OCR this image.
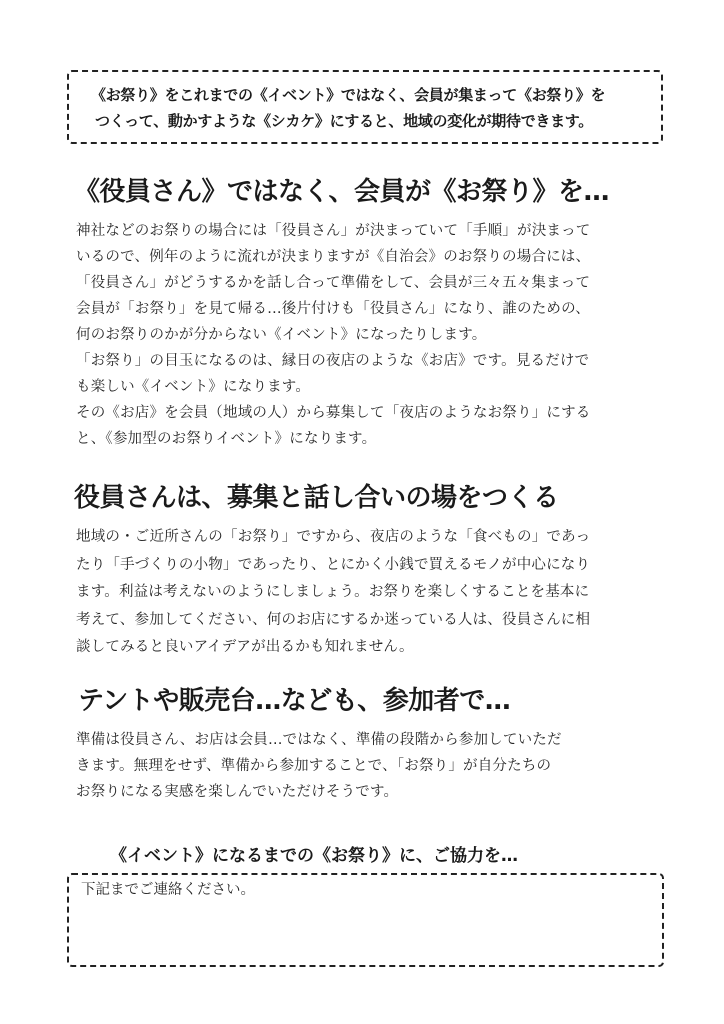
《お祭り》をこれまでの《イベント》ではなく、会員が集まって《お祭り》を
つくって、動かすような《シカケ》にすると、地域の変化が期待できます。
《役員さん》ではなく、会員が《お祭り》を…
神社などのお祭りの場合には「役員さん」が決まっていて「手順」が決まって
いるので、例年のように流れが決まりますが《自治会》のお祭りの場合には、
「役員さん」がどうするかを話し合って準備をして、会員が三々五々集まって
会員が「お祭り」を見て帰る…後片付けも「役員さん」になり、誰のための、
何のお祭りのかが分からない《イベント》になったりします。
「お祭り」の目玉になるのは、縁日の夜店のような《お店》です。見るだけで
も楽しい《イベント》になります。
その《お店》を会員（地域の人）から募集して「夜店のようなお祭り」にする
と、《参加型のお祭りイベント》になります。
役員さんは、募集と話し合いの場をつくる
地域の・ご近所さんの「お祭り」ですから、夜店のような「食べもの」であっ
たり「手づくりの小物」であったり、とにかく小銭で買えるモノが中心になり
ます。利益は考えないのようにしましょう。お祭りを楽しくすることを基本に
考えて、参加してください、何のお店にするか迷っている人は、役員さんに相
談してみると良いアイデアが出るかも知れません。
テントや販売台…なども、参加者で…
準備は役員さん、お店は会員…ではなく、準備の段階から参加していただ
きます。無理をせず、準備から参加することで、「お祭り」が自分たちの
お祭りになる実感を楽しんでいただけそうです。
《イベント》になるまでの《お祭り》に、ご協力を…
下記までご連絡ください。
